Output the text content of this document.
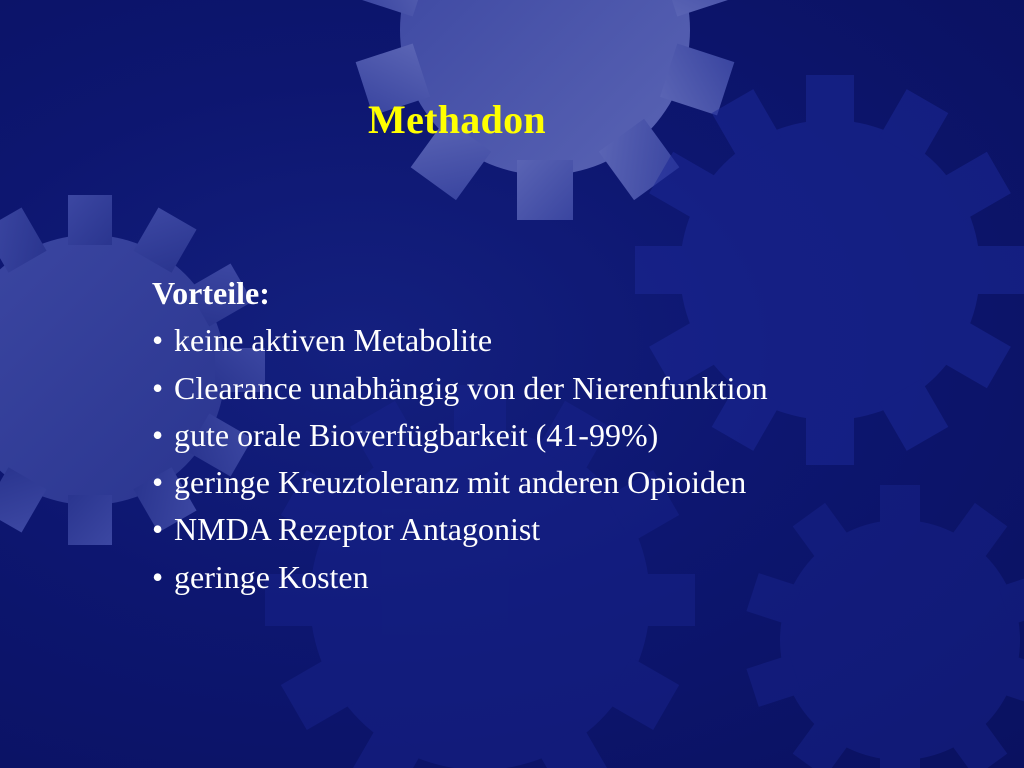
Methadon
Vorteile:
• keine aktiven Metabolite
• Clearance unabhängig von der Nierenfunktion
• gute orale Bioverfügbarkeit (41-99%)
• geringe Kreuztoleranz mit anderen Opioiden
• NMDA Rezeptor Antagonist
• geringe Kosten
